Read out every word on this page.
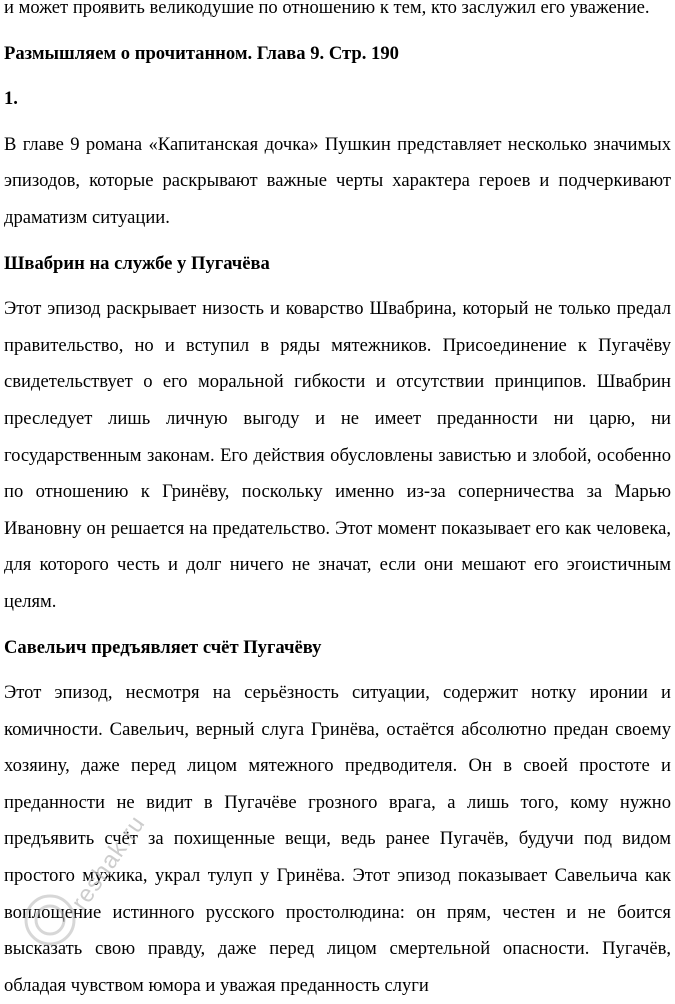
и может проявить великодушие по отношению к тем, кто заслужил его уважение.

Размышляем о прочитанном. Глава 9. Стр. 190

1.

В главе 9 романа «Капитанская дочка» Пушкин представляет несколько значимых эпизодов, которые раскрывают важные черты характера героев и подчеркивают драматизм ситуации.

Швабрин на службе у Пугачёва

Этот эпизод раскрывает низость и коварство Швабрина, который не только предал правительство, но и вступил в ряды мятежников. Присоединение к Пугачёву свидетельствует о его моральной гибкости и отсутствии принципов. Швабрин преследует лишь личную выгоду и не имеет преданности ни царю, ни государственным законам. Его действия обусловлены завистью и злобой, особенно по отношению к Гринёву, поскольку именно из-за соперничества за Марью Ивановну он решается на предательство. Этот момент показывает его как человека, для которого честь и долг ничего не значат, если они мешают его эгоистичным целям.

Савельич предъявляет счёт Пугачёву

Этот эпизод, несмотря на серьёзность ситуации, содержит нотку иронии и комичности. Савельич, верный слуга Гринёва, остаётся абсолютно предан своему хозяину, даже перед лицом мятежного предводителя. Он в своей простоте и преданности не видит в Пугачёве грозного врага, а лишь того, кому нужно предъявить счёт за похищенные вещи, ведь ранее Пугачёв, будучи под видом простого мужика, украл тулуп у Гринёва. Этот эпизод показывает Савельича как воплощение истинного русского простолюдина: он прям, честен и не боится высказать свою правду, даже перед лицом смертельной опасности. Пугачёв, обладая чувством юмора и уважая преданность слуги

reshak.ru
